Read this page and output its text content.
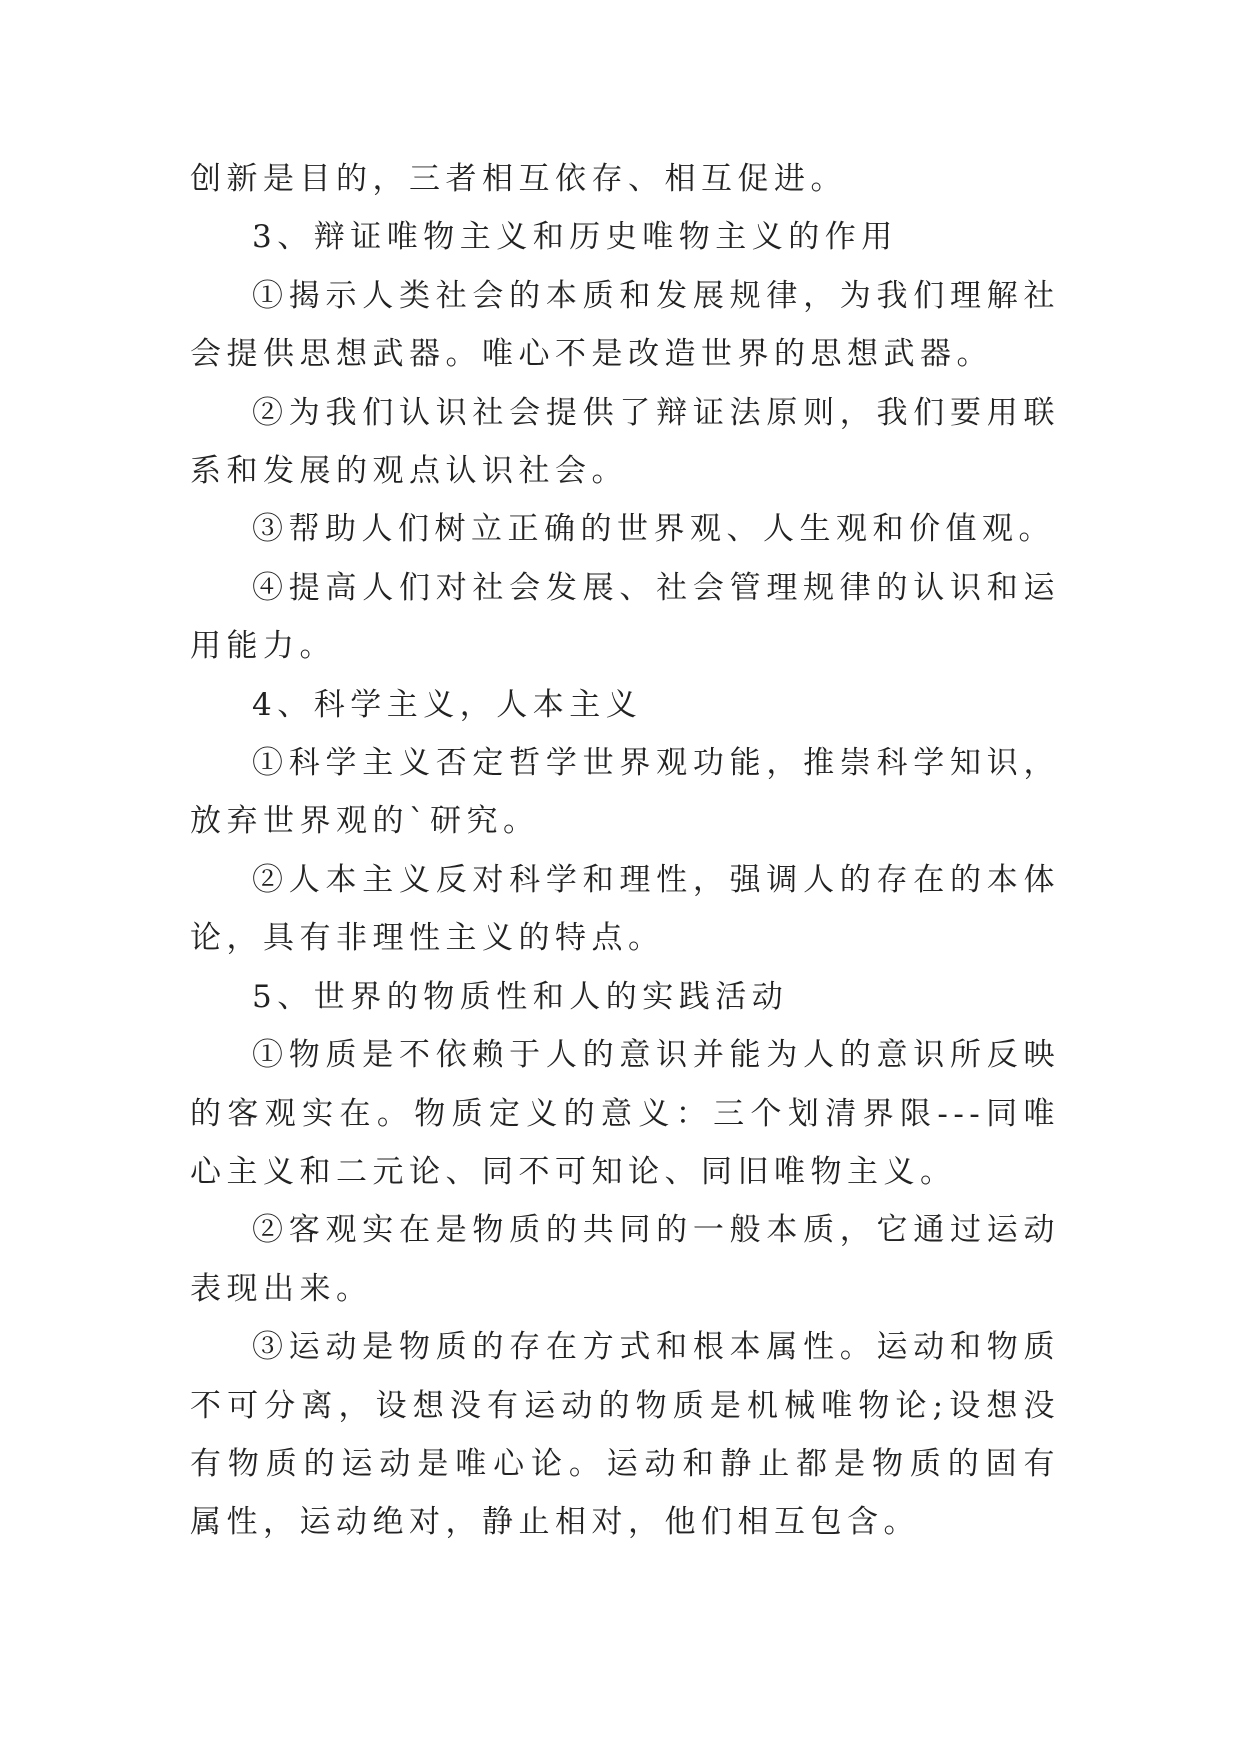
创新是目的，三者相互依存、相互促进。

3、辩证唯物主义和历史唯物主义的作用

①揭示人类社会的本质和发展规律，为我们理解社会提供思想武器。唯心不是改造世界的思想武器。

②为我们认识社会提供了辩证法原则，我们要用联系和发展的观点认识社会。

③帮助人们树立正确的世界观、人生观和价值观。

④提高人们对社会发展、社会管理规律的认识和运用能力。

4、科学主义，人本主义

①科学主义否定哲学世界观功能，推崇科学知识，放弃世界观的`研究。

②人本主义反对科学和理性，强调人的存在的本体论，具有非理性主义的特点。

5、世界的物质性和人的实践活动

①物质是不依赖于人的意识并能为人的意识所反映的客观实在。物质定义的意义：三个划清界限---同唯心主义和二元论、同不可知论、同旧唯物主义。

②客观实在是物质的共同的一般本质，它通过运动表现出来。

③运动是物质的存在方式和根本属性。运动和物质不可分离，设想没有运动的物质是机械唯物论;设想没有物质的运动是唯心论。运动和静止都是物质的固有属性，运动绝对，静止相对，他们相互包含。
